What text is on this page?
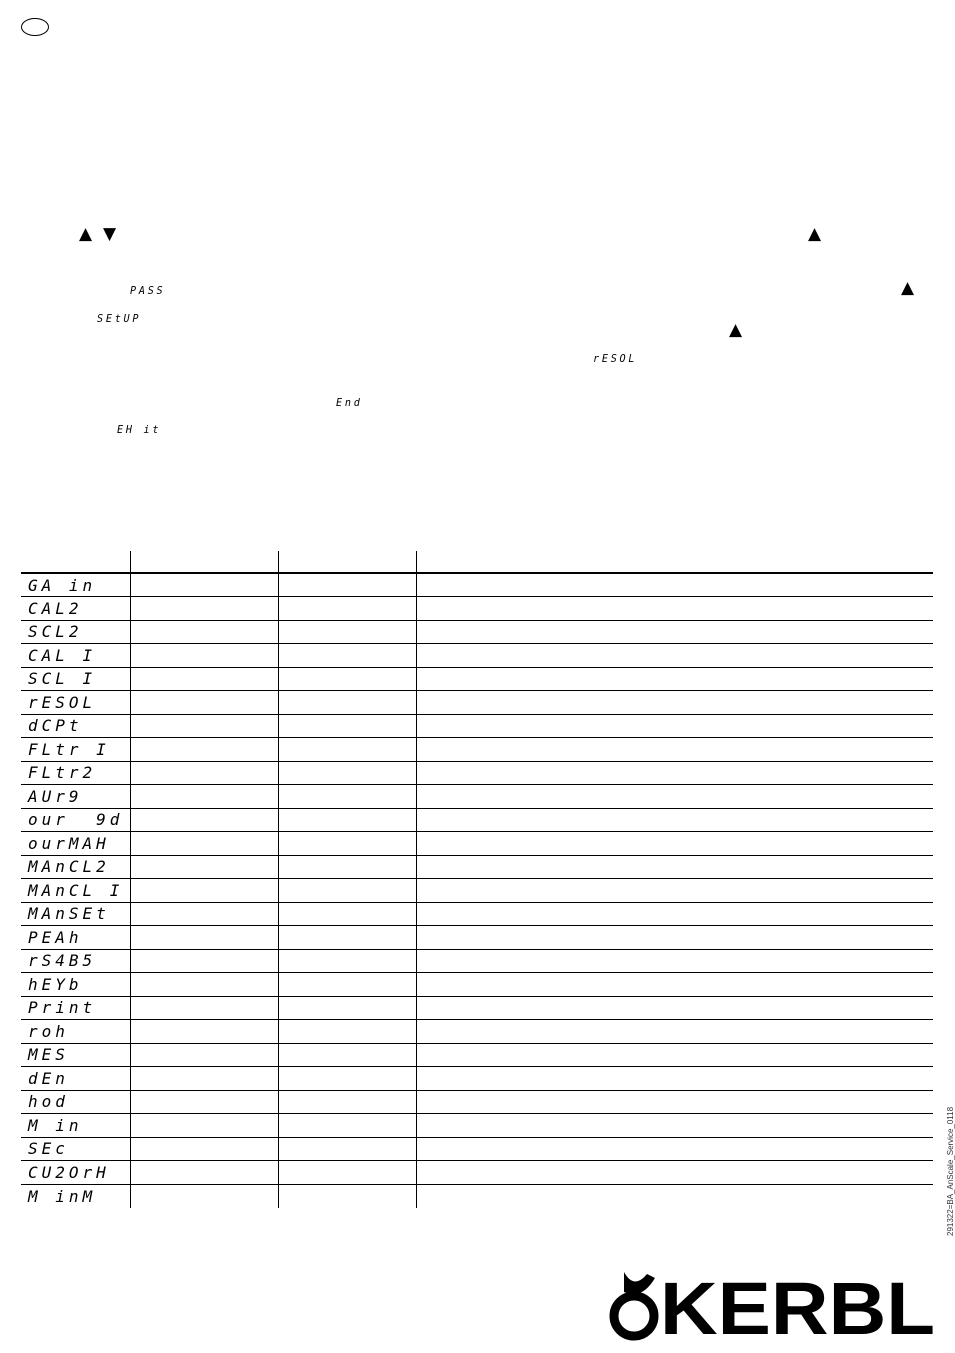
▲ ▼	▲
▲
▲
PASS
SEtUP
rESOL
End
EH it

GA in			
CAL2			
SCL2			
CAL I			
SCL I			
rESOL			
dCPt			
FLtr I			
FLtr2			
AUr9			
our  9d			
ourMAH			
MAnCL2			
MAnCL I			
MAnSEt			
PEAh			
rS4B5			
hEYb			
Print			
roh			
MES			
dEn			
hod			
M in			
SEc			
CU2OrH			
M inM				291322=BA_AnScale_Service_0118
KERBL
